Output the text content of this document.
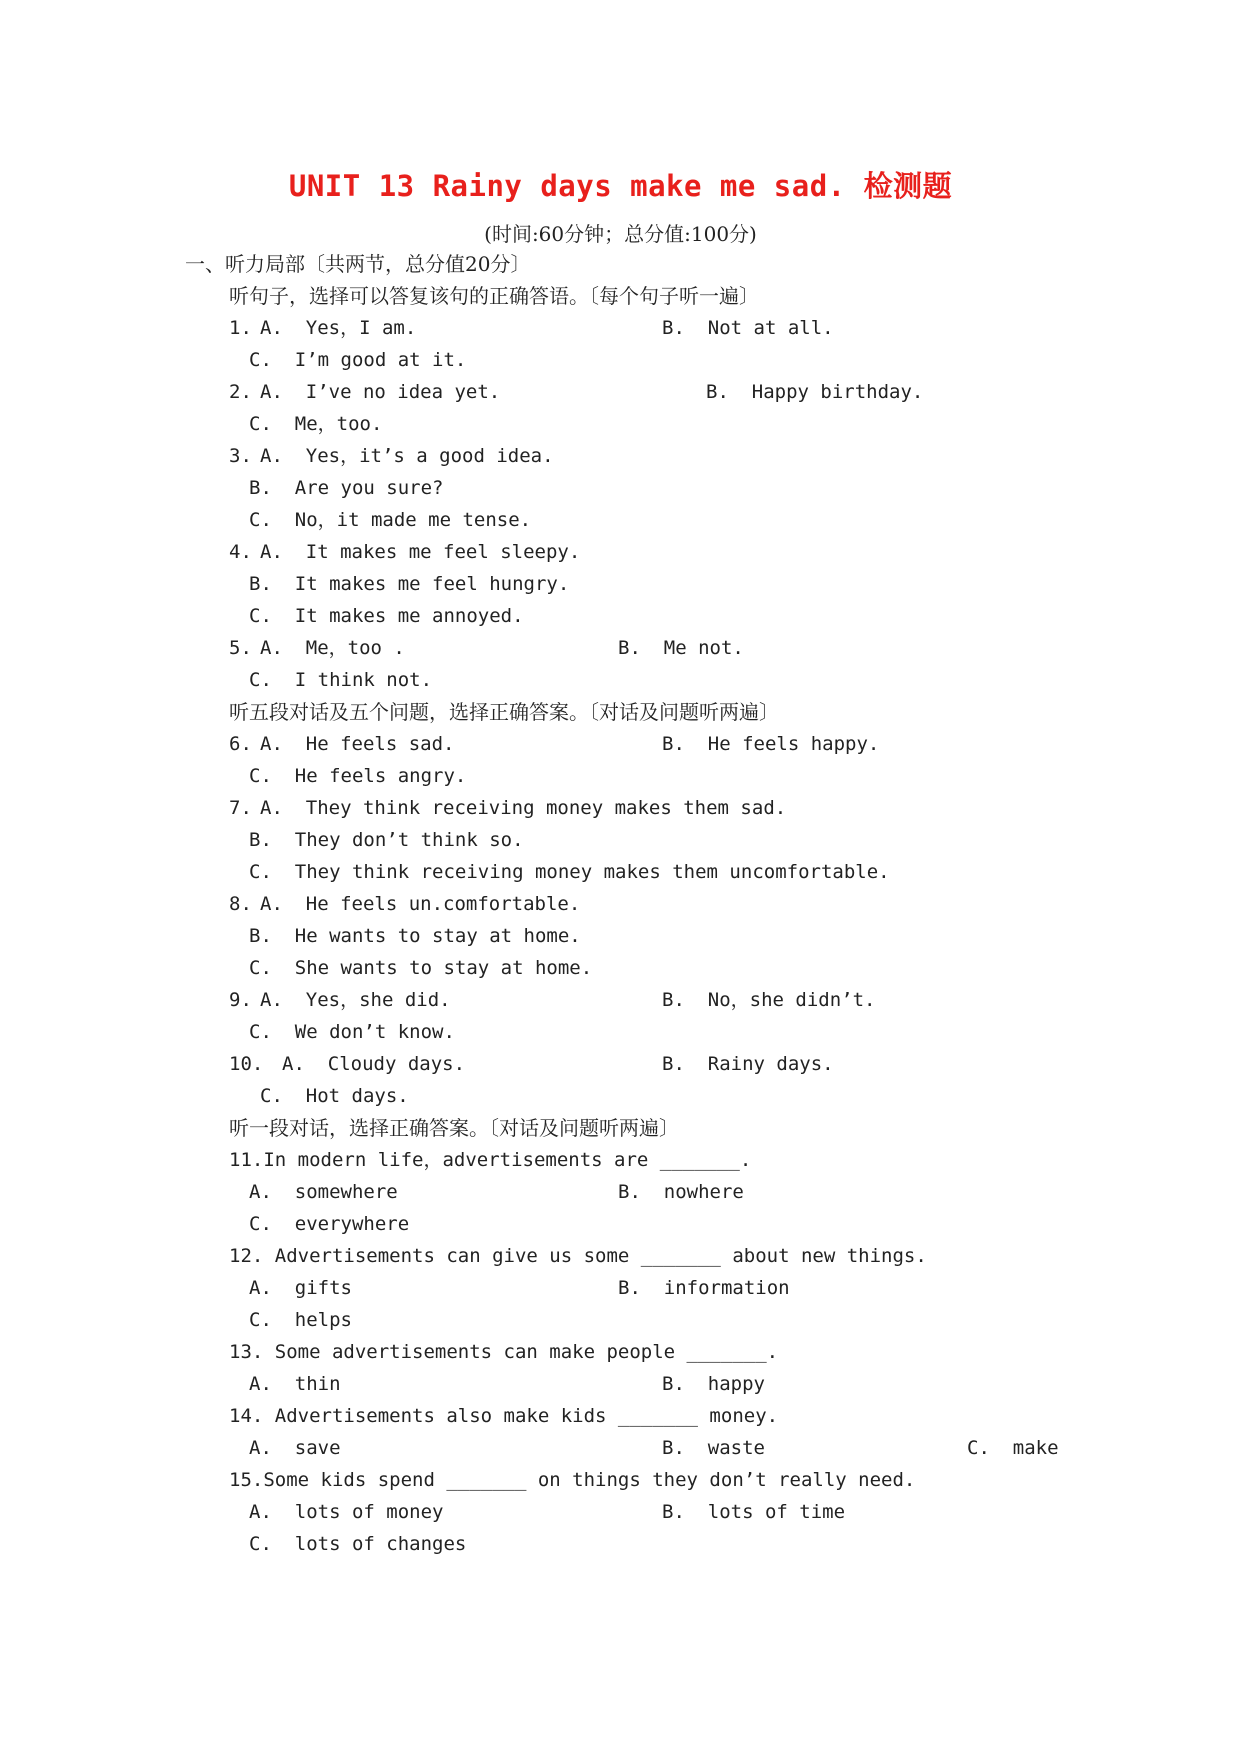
UNIT 13 Rainy days make me sad. 检测题
(时间:60分钟；总分值:100分)
一、听力局部〔共两节，总分值20分〕
听句子，选择可以答复该句的正确答语。〔每个句子听一遍〕
1. A.  Yes，I am.	B.  Not at all.
C.  I’m good at it.
2. A.  I’ve no idea yet.	B.  Happy birthday.
C.  Me，too.
3. A.  Yes，it’s a good idea.
B.  Are you sure?
C.  No，it made me tense.
4. A.  It makes me feel sleepy.
B.  It makes me feel hungry.
C.  It makes me annoyed.
5. A.  Me，too .	B.  Me not.
C.  I think not.
听五段对话及五个问题，选择正确答案。〔对话及问题听两遍〕
6. A.  He feels sad.	B.  He feels happy.
C.  He feels angry.
7. A.  They think receiving money makes them sad.
B.  They don’t think so.
C.  They think receiving money makes them uncomfortable.
8. A.  He feels un.comfortable.
B.  He wants to stay at home.
C.  She wants to stay at home.
9. A.  Yes，she did.	B.  No，she didn’t.
C.  We don’t know.
10. A.  Cloudy days.	B.  Rainy days.
C.  Hot days.
听一段对话，选择正确答案。〔对话及问题听两遍〕
11.In modern life，advertisements are _______.
A.  somewhere	B.  nowhere
C.  everywhere
12. Advertisements can give us some _______ about new things.
A.  gifts	B.  information
C.  helps
13. Some advertisements can make people _______.
A.  thin	B.  happy
14. Advertisements also make kids _______ money.
A.  save	B.  waste	C.  make
15.Some kids spend _______ on things they don’t really need.
A.  lots of money	B.  lots of time
C.  lots of changes
